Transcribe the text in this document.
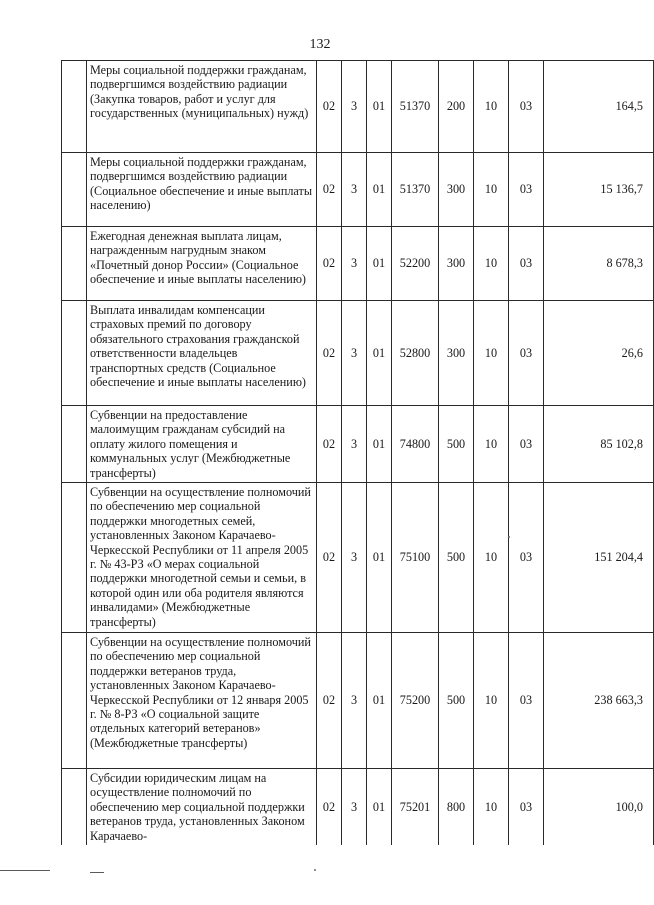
132
	Меры социальной поддержки гражданам, подвергшимся воздействию радиации (Закупка товаров, работ и услуг для государственных (муниципальных) нужд)	02	3	01	51370	200	10	03	164,5
	Меры социальной поддержки гражданам, подвергшимся воздействию радиации (Социальное обеспечение и иные выплаты населению)	02	3	01	51370	300	10	03	15 136,7
	Ежегодная денежная выплата лицам, награжденным нагрудным знаком «Почетный донор России» (Социальное обеспечение и иные выплаты населению)	02	3	01	52200	300	10	03	8 678,3
	Выплата инвалидам компенсации страховых премий по договору обязательного страхования гражданской ответственности владельцев транспортных средств (Социальное обеспечение и иные выплаты населению)	02	3	01	52800	300	10	03	26,6
	Субвенции на предоставление малоимущим гражданам субсидий на оплату жилого помещения и коммунальных услуг (Межбюджетные трансферты)	02	3	01	74800	500	10	03	85 102,8
	Субвенции на осуществление полномочий по обеспечению мер социальной поддержки многодетных семей, установленных Законом Карачаево-Черкесской Республики от 11 апреля 2005 г. № 43-РЗ «О мерах социальной поддержки многодетной семьи и семьи, в которой один или оба родителя являются инвалидами» (Межбюджетные трансферты)	02	3	01	75100	500	10	03	151 204,4
	Субвенции на осуществление полномочий по обеспечению мер социальной поддержки ветеранов труда, установленных Законом Карачаево-Черкесской Республики от 12 января 2005 г. № 8-РЗ «О социальной защите отдельных категорий ветеранов» (Межбюджетные трансферты)	02	3	01	75200	500	10	03	238 663,3
	Субсидии юридическим лицам на осуществление полномочий по обеспечению мер социальной поддержки ветеранов труда, установленных Законом Карачаево-	02	3	01	75201	800	10	03	100,0
